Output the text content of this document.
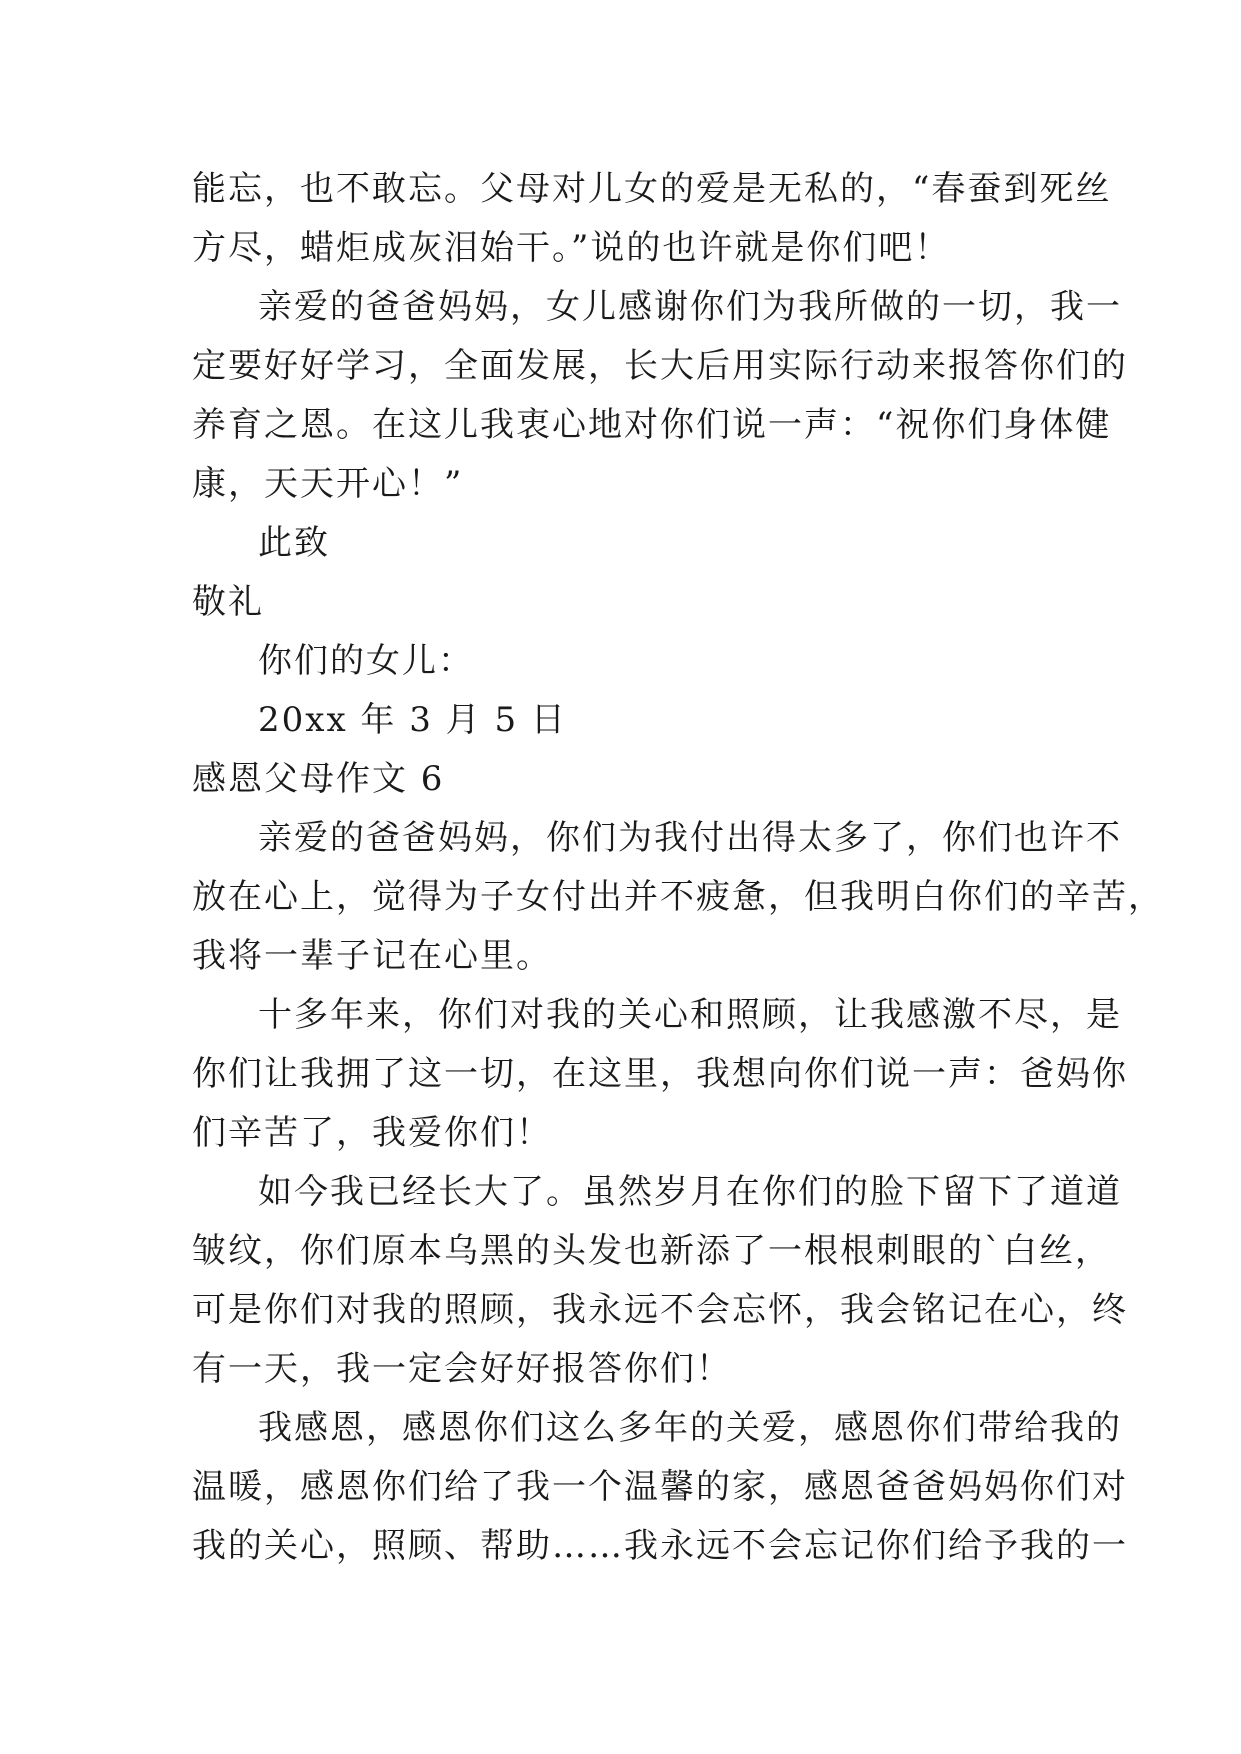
能忘，也不敢忘。父母对儿女的爱是无私的，“春蚕到死丝
方尽，蜡炬成灰泪始干。”说的也许就是你们吧！
亲爱的爸爸妈妈，女儿感谢你们为我所做的一切，我一
定要好好学习，全面发展，长大后用实际行动来报答你们的
养育之恩。在这儿我衷心地对你们说一声：“祝你们身体健
康，天天开心！”
此致
敬礼
你们的女儿：
20xx 年 3 月 5 日
感恩父母作文 6
亲爱的爸爸妈妈，你们为我付出得太多了，你们也许不
放在心上，觉得为子女付出并不疲惫，但我明白你们的辛苦，
我将一辈子记在心里。
十多年来，你们对我的关心和照顾，让我感激不尽，是
你们让我拥了这一切，在这里，我想向你们说一声：爸妈你
们辛苦了，我爱你们！
如今我已经长大了。虽然岁月在你们的脸下留下了道道
皱纹，你们原本乌黑的头发也新添了一根根刺眼的`白丝，
可是你们对我的照顾，我永远不会忘怀，我会铭记在心，终
有一天，我一定会好好报答你们！
我感恩，感恩你们这么多年的关爱，感恩你们带给我的
温暖，感恩你们给了我一个温馨的家，感恩爸爸妈妈你们对
我的关心，照顾、帮助……我永远不会忘记你们给予我的一
